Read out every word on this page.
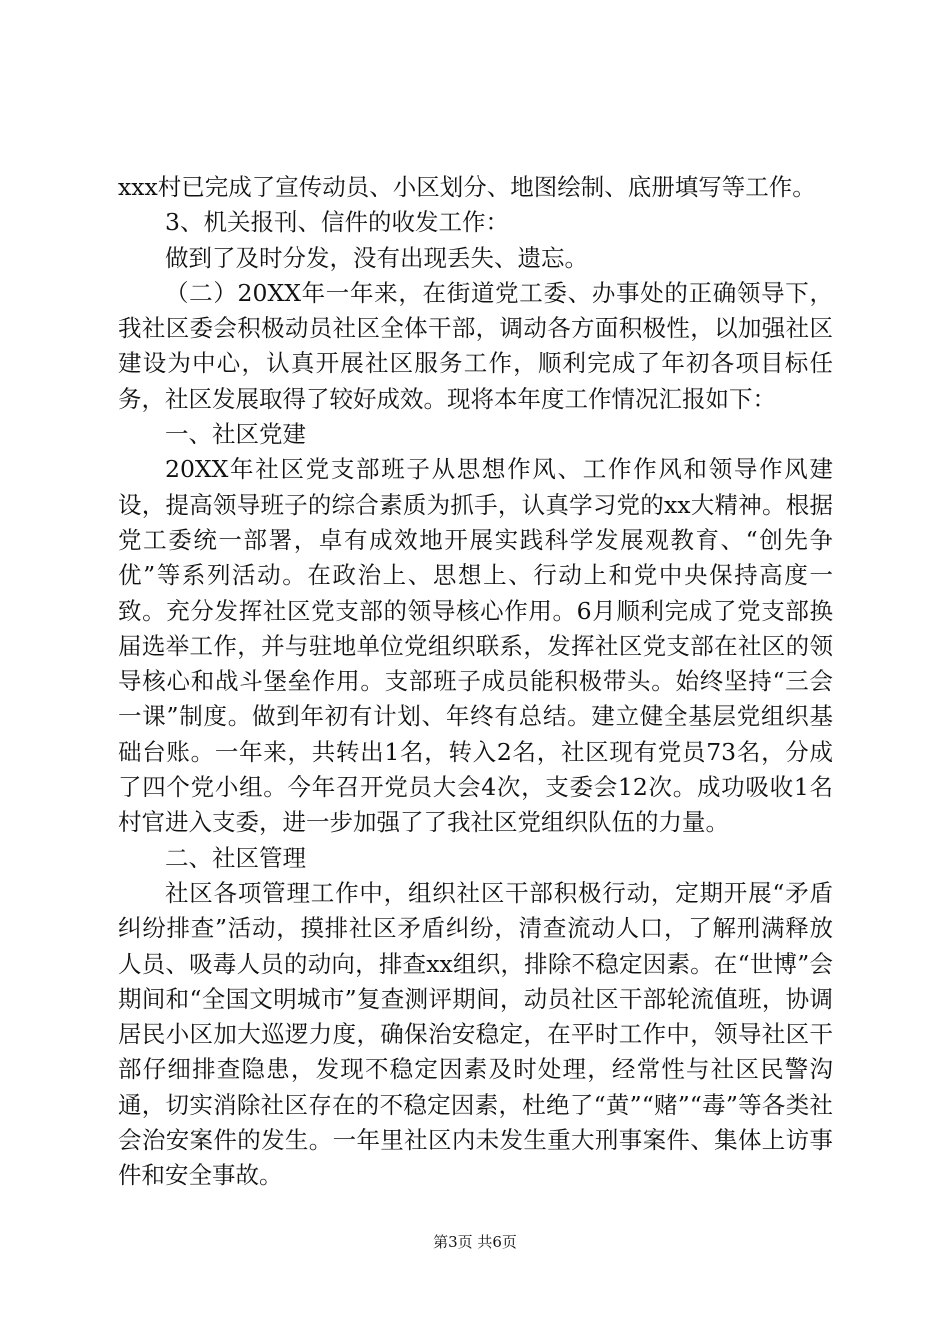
xxx村已完成了宣传动员、小区划分、地图绘制、底册填写等工作。

3、机关报刊、信件的收发工作：

做到了及时分发，没有出现丢失、遗忘。

（二）20XX年一年来，在街道党工委、办事处的正确领导下，我社区委会积极动员社区全体干部，调动各方面积极性，以加强社区建设为中心，认真开展社区服务工作，顺利完成了年初各项目标任务，社区发展取得了较好成效。现将本年度工作情况汇报如下：

一、社区党建

20XX年社区党支部班子从思想作风、工作作风和领导作风建设，提高领导班子的综合素质为抓手，认真学习党的xx大精神。根据党工委统一部署，卓有成效地开展实践科学发展观教育、“创先争优”等系列活动。在政治上、思想上、行动上和党中央保持高度一致。充分发挥社区党支部的领导核心作用。6月顺利完成了党支部换届选举工作，并与驻地单位党组织联系，发挥社区党支部在社区的领导核心和战斗堡垒作用。支部班子成员能积极带头。始终坚持“三会一课”制度。做到年初有计划、年终有总结。建立健全基层党组织基础台账。一年来，共转出1名，转入2名，社区现有党员73名，分成了四个党小组。今年召开党员大会4次，支委会12次。成功吸收1名村官进入支委，进一步加强了了我社区党组织队伍的力量。

二、社区管理

社区各项管理工作中，组织社区干部积极行动，定期开展“矛盾纠纷排查”活动，摸排社区矛盾纠纷，清查流动人口，了解刑满释放人员、吸毒人员的动向，排查xx组织，排除不稳定因素。在“世博”会期间和“全国文明城市”复查测评期间，动员社区干部轮流值班，协调居民小区加大巡逻力度，确保治安稳定，在平时工作中，领导社区干部仔细排查隐患，发现不稳定因素及时处理，经常性与社区民警沟通，切实消除社区存在的不稳定因素，杜绝了“黄”“赌”“毒”等各类社会治安案件的发生。一年里社区内未发生重大刑事案件、集体上访事件和安全事故。

第3页 共6页
